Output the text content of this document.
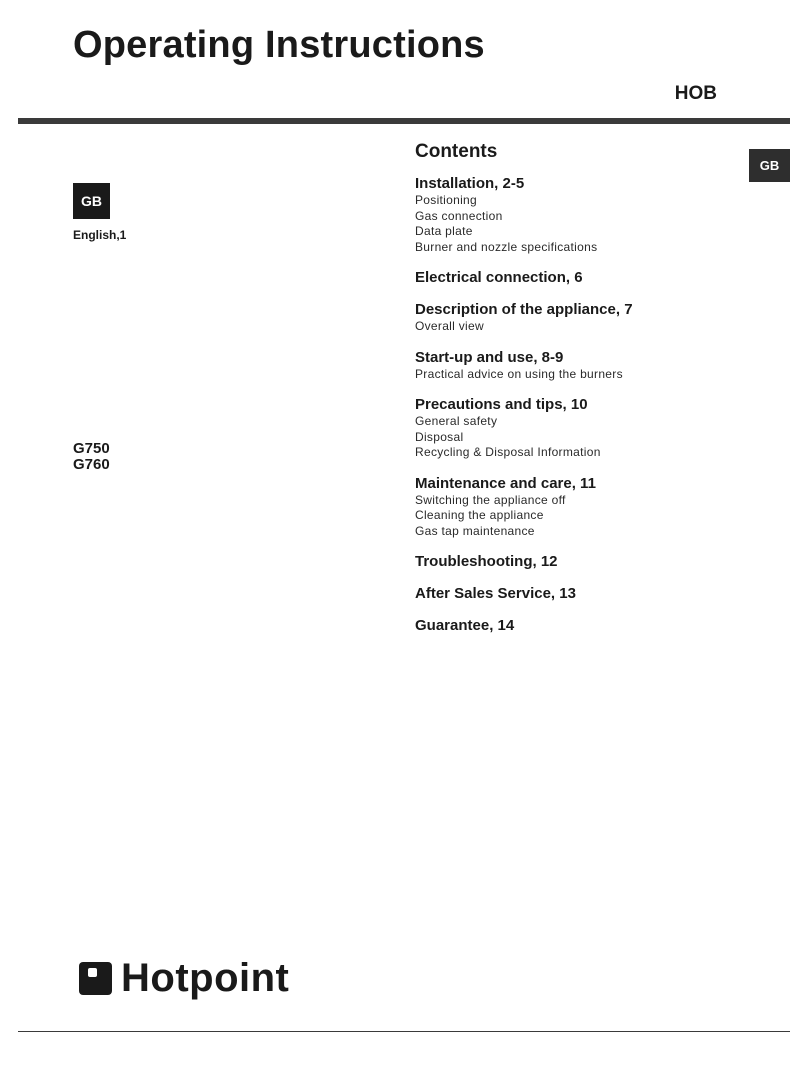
Operating Instructions
HOB
GB
English,1
GB
G750
G760
Contents
Installation, 2-5
Positioning
Gas connection
Data plate
Burner and nozzle specifications
Electrical connection, 6
Description of the appliance, 7
Overall view
Start-up and use, 8-9
Practical advice on using the burners
Precautions and tips, 10
General safety
Disposal
Recycling & Disposal Information
Maintenance and care, 11
Switching the appliance off
Cleaning the appliance
Gas tap maintenance
Troubleshooting, 12
After Sales Service, 13
Guarantee, 14
Hotpoint
